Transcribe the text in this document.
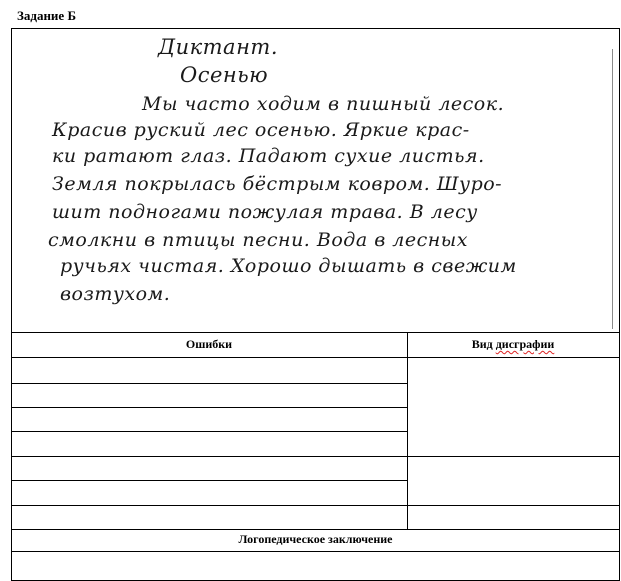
Задание Б
Диктант.
Осенью
Мы часто ходим в пишный лесок.
Красив руский лес осенью. Яркие крас-
ки ратают глаз. Падают сухие листья.
Земля покрылась бёстрым ковром. Шуро-
шит подногами пожулая трава. В лесу
смолкни в птицы песни. Вода в лесных
ручьях чистая. Хорошо дышать в свежим
возтухом.
Ошибки	Вид дисграфии
Логопедическое заключение
